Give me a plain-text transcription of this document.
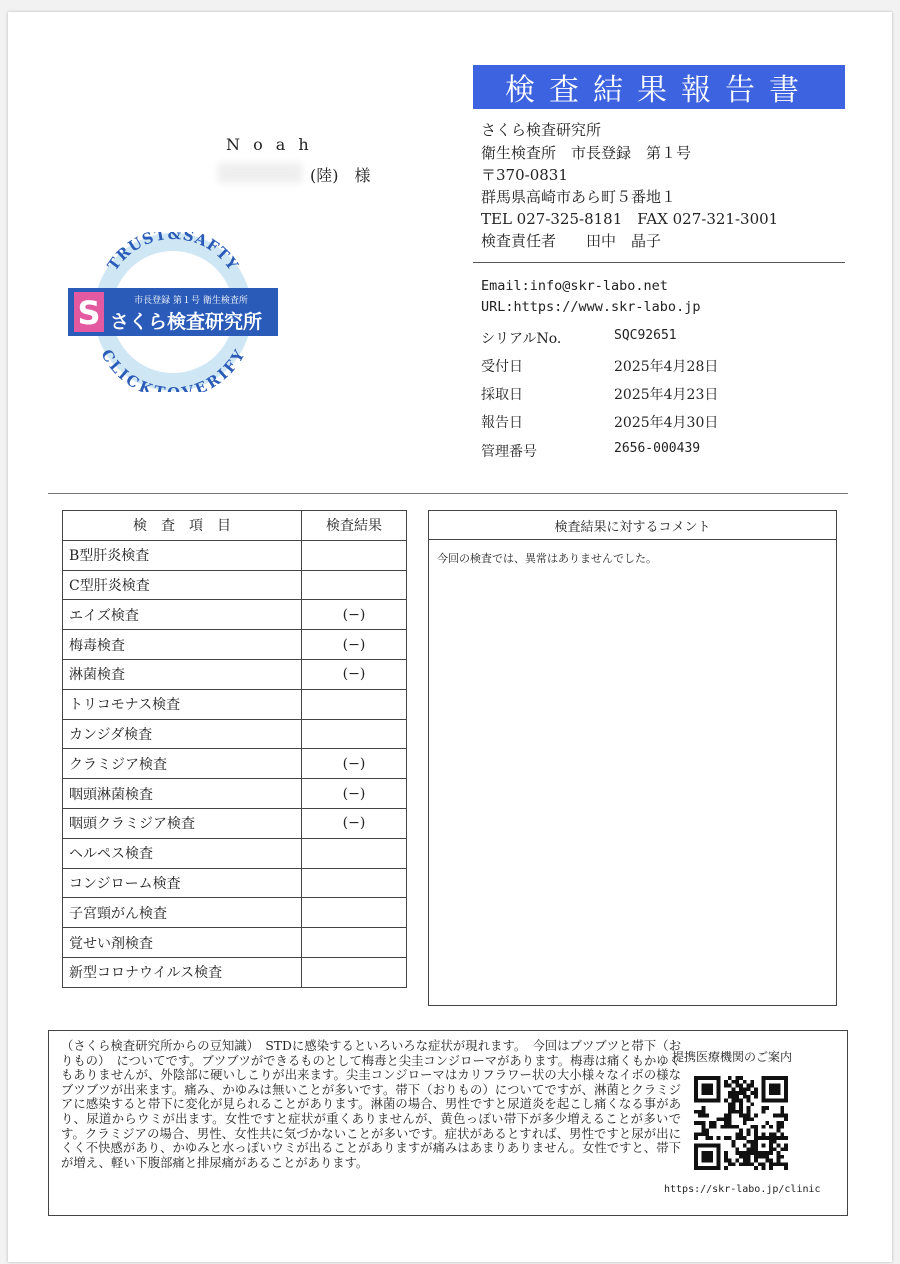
検査結果報告書
N o a h
(陸)　様
さくら検査研究所
衛生検査所　市長登録　第１号
〒370-0831
群馬県高崎市あら町５番地１
TEL 027-325-8181　FAX 027-321-3001
検査責任者　　田中　晶子
Email:info@skr-labo.net
URL:https://www.skr-labo.jp
シリアルNo.	SQC92651
受付日	2025年4月28日
採取日	2025年4月23日
報告日	2025年4月30日
管理番号	2656-000439
TRUST&SAFTY
CLICK VERIFY
S	市長登録 第１号 衛生検査所
さくら検査研究所
検　査　項　目	検査結果
B型肝炎検査	
C型肝炎検査	
エイズ検査	(−)
梅毒検査	(−)
淋菌検査	(−)
トリコモナス検査	
カンジダ検査	
クラミジア検査	(−)
咽頭淋菌検査	(−)
咽頭クラミジア検査	(−)
ヘルペス検査	
コンジローム検査	
子宮頸がん検査	
覚せい剤検査	
新型コロナウイルス検査	
検査結果に対するコメント
今回の検査では、異常はありませんでした。
（さくら検査研究所からの豆知識）　STDに感染するといろいろな症状が現れます。　今回はブツブツと帯下（おりもの）　についてです。ブツブツができるものとして梅毒と尖圭コンジローマがあります。梅毒は痛くもかゆくもありませんが、外陰部に硬いしこりが出来ます。尖圭コンジローマはカリフラワー状の大小様々なイボの様なブツブツが出来ます。痛み、かゆみは無いことが多いです。帯下（おりもの）についてですが、淋菌とクラミジアに感染すると帯下に変化が見られることがあります。淋菌の場合、男性ですと尿道炎を起こし痛くなる事があり、尿道からウミが出ます。女性ですと症状が重くありませんが、黄色っぽい帯下が多少増えることが多いです。クラミジアの場合、男性、女性共に気づかないことが多いです。症状があるとすれば、男性ですと尿が出にくく不快感があり、かゆみと水っぽいウミが出ることがありますが痛みはあまりありません。女性ですと、帯下が増え、軽い下腹部痛と排尿痛があることがあります。
提携医療機関のご案内
https://skr-labo.jp/clinic
